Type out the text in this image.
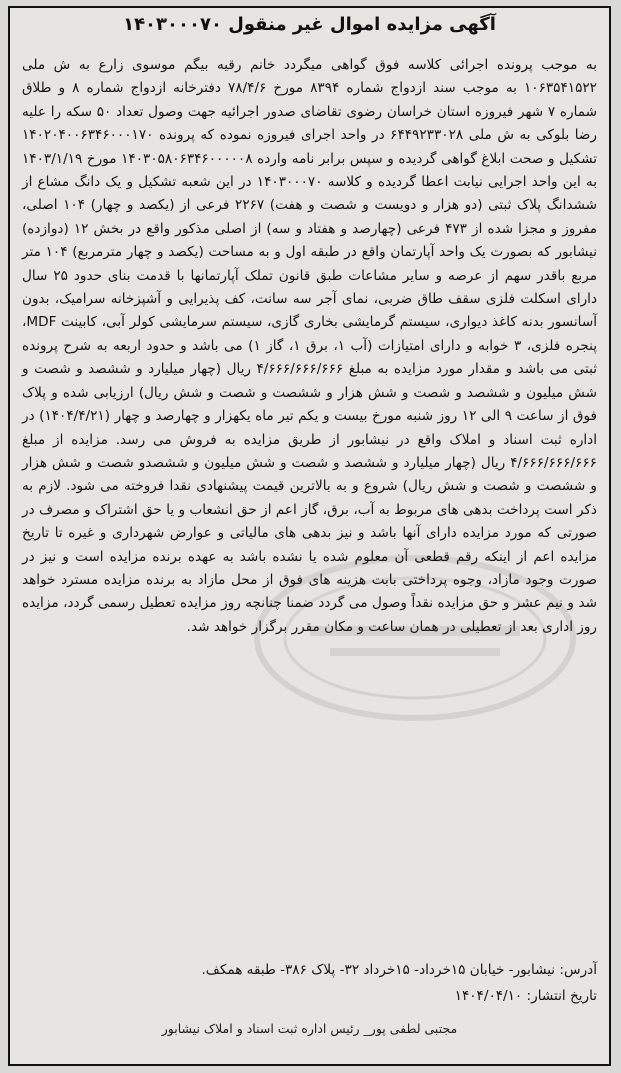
آگهی مزایده اموال غیر منقول ۱۴۰۳۰۰۰۷۰
به موجب پرونده اجرائی کلاسه فوق گواهی میگردد خانم رقیه بیگم موسوی زارع به ش ملی ۱۰۶۳۵۴۱۵۲۲ به موجب سند ازدواج شماره ۸۳۹۴ مورخ ۷۸/۴/۶ دفترخانه ازدواج شماره ۸ و طلاق شماره ۷ شهر فیروزه استان خراسان رضوی تقاضای صدور اجرائیه جهت وصول تعداد ۵۰ سکه را علیه رضا بلوکی به ش ملی ۶۴۴۹۲۳۳۰۲۸ در واحد اجرای فیروزه نموده که پرونده ۱۴۰۲۰۴۰۰۶۳۴۶۰۰۰۱۷۰ تشکیل و صحت ابلاغ گواهی گردیده و سپس برابر نامه وارده ۱۴۰۳۰۵۸۰۶۳۴۶۰۰۰۰۰۸ مورخ ۱۴۰۳/۱/۱۹ به این واحد اجرایی نیابت اعطا گردیده و کلاسه ۱۴۰۳۰۰۰۷۰ در این شعبه تشکیل و یک دانگ مشاع از ششدانگ پلاک ثبتی (دو هزار و دویست و شصت و هفت) ۲۲۶۷ فرعی از (یکصد و چهار) ۱۰۴ اصلی، مفروز و مجزا شده از ۴۷۳ فرعی (چهارصد و هفتاد و سه) از اصلی مذکور واقع در بخش ۱۲ (دوازده) نیشابور که بصورت یک واحد آپارتمان واقع در طبقه اول و به مساحت (یکصد و چهار مترمربع) ۱۰۴ متر مربع باقدر سهم از عرصه و سایر مشاعات طبق قانون تملک آپارتمانها با قدمت بنای حدود ۲۵ سال دارای اسکلت فلزی سقف طاق ضربی، نمای آجر سه سانت، کف پذیرایی و آشپزخانه سرامیک، بدون آسانسور بدنه کاغذ دیواری، سیستم گرمایشی بخاری گازی، سیستم سرمایشی کولر آبی، کابینت MDF، پنجره فلزی، ۳ خوابه و دارای امتیازات (آب ۱، برق ۱، گاز ۱) می باشد و حدود اربعه به شرح پرونده ثبتی می باشد و مقدار مورد مزایده به مبلغ ۴/۶۶۶/۶۶۶/۶۶۶ ریال (چهار میلیارد و ششصد و شصت و شش میلیون و ششصد و شصت و شش هزار و ششصت و شصت و شش ریال) ارزیابی شده و پلاک فوق از ساعت ۹ الی ۱۲ روز شنبه مورخ بیست و یکم تیر ماه یکهزار و چهارصد و چهار (۱۴۰۴/۴/۲۱) در اداره ثبت اسناد و املاک واقع در نیشابور از طریق مزایده به فروش می رسد. مزایده از مبلغ ۴/۶۶۶/۶۶۶/۶۶۶ ریال (چهار میلیارد و ششصد و شصت و شش میلیون و ششصدو شصت و شش هزار و ششصت و شصت و شش ریال) شروع و به بالاترین قیمت پیشنهادی نقدا فروخته می شود. لازم به ذکر است پرداخت بدهی های مربوط به آب، برق، گاز اعم از حق انشعاب و یا حق اشتراک و مصرف در صورتی که مورد مزایده دارای آنها باشد و نیز بدهی های مالیاتی و عوارض شهرداری و غیره تا تاریخ مزایده اعم از اینکه رقم قطعی آن معلوم شده یا نشده باشد به عهده برنده مزایده است و نیز در صورت وجود مازاد، وجوه پرداختی بابت هزینه های فوق از محل مازاد به برنده مزایده مسترد خواهد شد و نیم عشر و حق مزایده نقداً وصول می گردد ضمنا چنانچه روز مزایده تعطیل رسمی گردد، مزایده روز اداری بعد از تعطیلی در همان ساعت و مکان مقرر برگزار خواهد شد.
آدرس: نیشابور- خیابان ۱۵خرداد- ۱۵خرداد ۳۲- پلاک ۳۸۶- طبقه همکف.
تاریخ انتشار: ۱۴۰۴/۰۴/۱۰
مجتبی لطفی پور_ رئیس اداره ثبت اسناد و املاک نیشابور
